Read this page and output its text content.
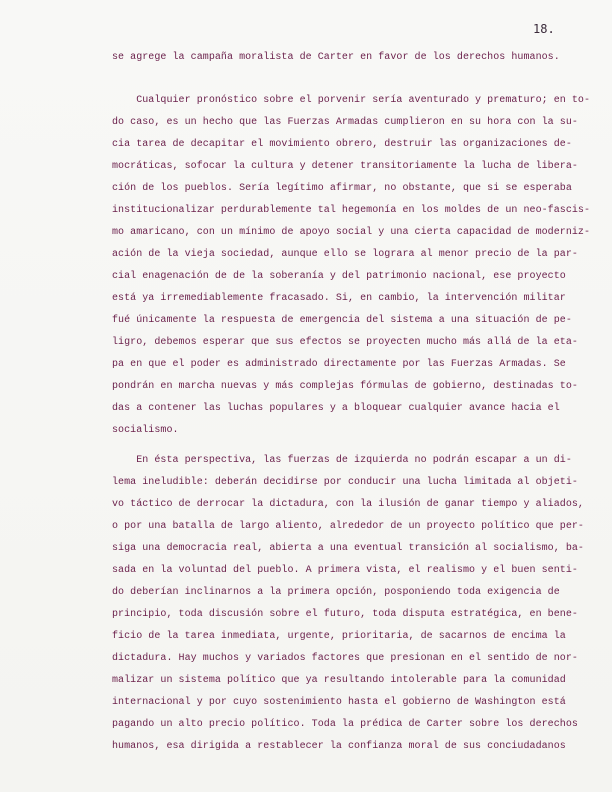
18.
se agrege la campaña moralista de Carter en favor de los derechos humanos.
Cualquier pronóstico sobre el porvenir sería aventurado y prematuro; en to-
do caso, es un hecho que las Fuerzas Armadas cumplieron en su hora con la su-
cia tarea de decapitar el movimiento obrero, destruir las organizaciones de-
mocráticas, sofocar la cultura y detener transitoriamente la lucha de libera-
ción de los pueblos. Sería legítimo afirmar, no obstante, que si se esperaba
institucionalizar perdurablemente tal hegemonía en los moldes de un neo-fascis-
mo amaricano, con un mínimo de apoyo social y una cierta capacidad de moderniz-
ación de la vieja sociedad, aunque ello se lograra al menor precio de la par-
cial enagenación de de la soberanía y del patrimonio nacional, ese proyecto
está ya irremediablemente fracasado. Si, en cambio, la intervención militar
fué únicamente la respuesta de emergencia del sistema a una situación de pe-
ligro, debemos esperar que sus efectos se proyecten mucho más allá de la eta-
pa en que el poder es administrado directamente por las Fuerzas Armadas. Se
pondrán en marcha nuevas y más complejas fórmulas de gobierno, destinadas to-
das a contener las luchas populares y a bloquear cualquier avance hacia el
socialismo.
En ésta perspectiva, las fuerzas de izquierda no podrán escapar a un di-
lema ineludible: deberán decidirse por conducir una lucha limitada al objeti-
vo táctico de derrocar la dictadura, con la ilusión de ganar tiempo y aliados,
o por una batalla de largo aliento, alrededor de un proyecto político que per-
siga una democracia real, abierta a una eventual transición al socialismo, ba-
sada en la voluntad del pueblo. A primera vista, el realismo y el buen senti-
do deberían inclinarnos a la primera opción, posponiendo toda exigencia de
principio, toda discusión sobre el futuro, toda disputa estratégica, en bene-
ficio de la tarea inmediata, urgente, prioritaria, de sacarnos de encima la
dictadura. Hay muchos y variados factores que presionan en el sentido de nor-
malizar un sistema político que ya resultando intolerable para la comunidad
internacional y por cuyo sostenimiento hasta el gobierno de Washington está
pagando un alto precio político. Toda la prédica de Carter sobre los derechos
humanos, esa dirigida a restablecer la confianza moral de sus conciudadanos
